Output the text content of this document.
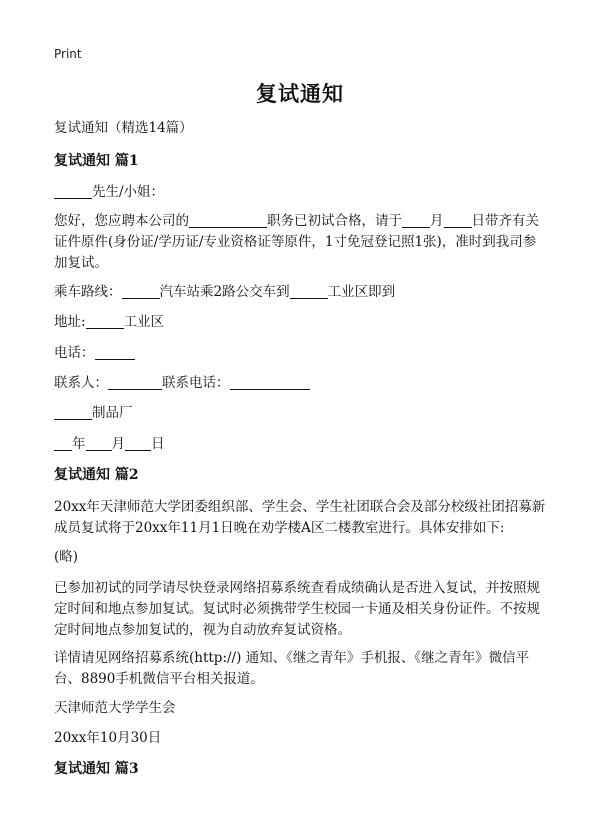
Print
复试通知
复试通知（精选14篇）
复试通知 篇1
先生/小姐：
您好，您应聘本公司的	职务已初试合格，请于 月 日带齐有关
证件原件(身份证/学历证/专业资格证等原件，1寸免冠登记照1张)，准时到我司参
加复试。
乘车路线：	汽车站乘2路公交车到	工业区即到
地址:	工业区
电话：
联系人：	联系电话：
制品厂
年 月 日
复试通知 篇2
20xx年天津师范大学团委组织部、学生会、学生社团联合会及部分校级社团招募新
成员复试将于20xx年11月1日晚在劝学楼A区二楼教室进行。具体安排如下:
(略)
已参加初试的同学请尽快登录网络招募系统查看成绩确认是否进入复试，并按照规
定时间和地点参加复试。复试时必须携带学生校园一卡通及相关身份证件。不按规
定时间地点参加复试的，视为自动放弃复试资格。
详情请见网络招募系统(http://) 通知、《继之青年》手机报、《继之青年》微信平
台、8890手机微信平台相关报道。
天津师范大学学生会
20xx年10月30日
复试通知 篇3
